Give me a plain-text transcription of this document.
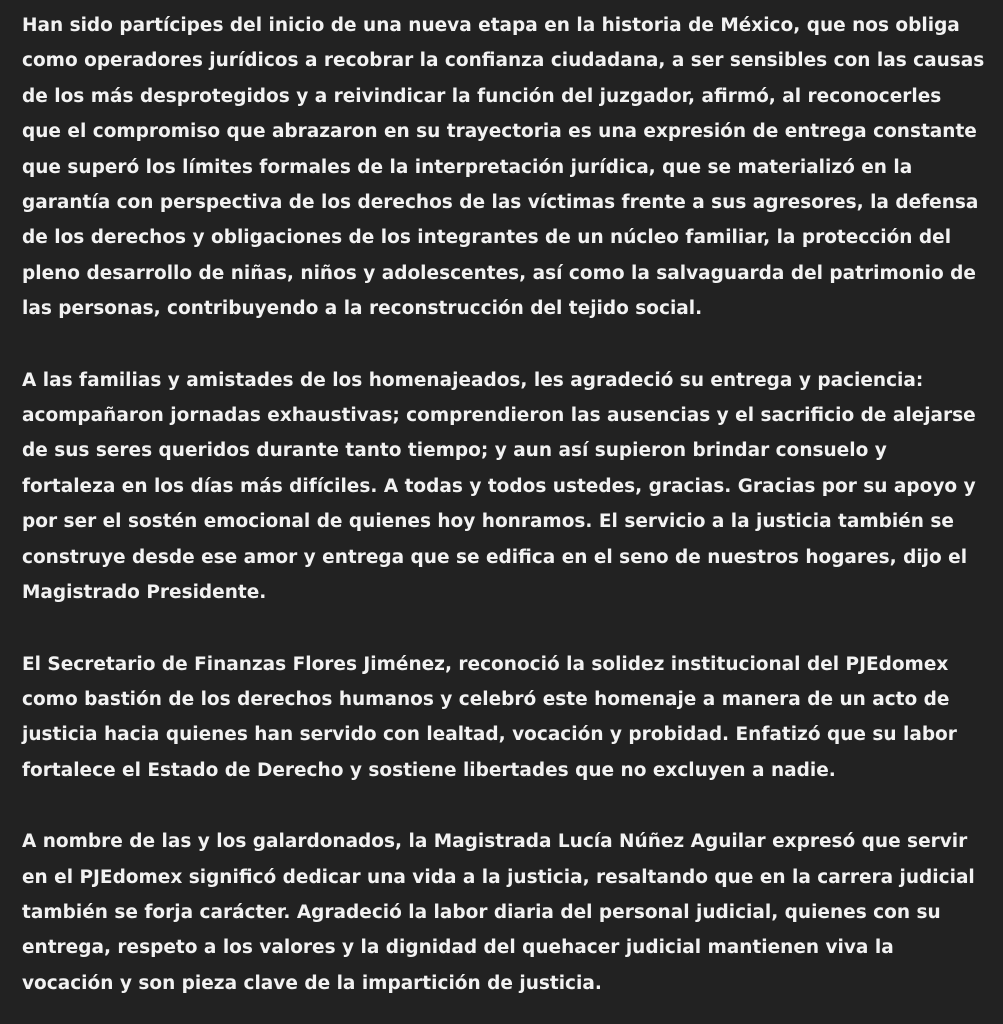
Han sido partícipes del inicio de una nueva etapa en la historia de México, que nos obliga como operadores jurídicos a recobrar la confianza ciudadana, a ser sensibles con las causas de los más desprotegidos y a reivindicar la función del juzgador, afirmó, al reconocerles que el compromiso que abrazaron en su trayectoria es una expresión de entrega constante que superó los límites formales de la interpretación jurídica, que se materializó en la garantía con perspectiva de los derechos de las víctimas frente a sus agresores, la defensa de los derechos y obligaciones de los integrantes de un núcleo familiar, la protección del pleno desarrollo de niñas, niños y adolescentes, así como la salvaguarda del patrimonio de las personas, contribuyendo a la reconstrucción del tejido social.

A las familias y amistades de los homenajeados, les agradeció su entrega y paciencia: acompañaron jornadas exhaustivas; comprendieron las ausencias y el sacrificio de alejarse de sus seres queridos durante tanto tiempo; y aun así supieron brindar consuelo y fortaleza en los días más difíciles. A todas y todos ustedes, gracias. Gracias por su apoyo y por ser el sostén emocional de quienes hoy honramos. El servicio a la justicia también se construye desde ese amor y entrega que se edifica en el seno de nuestros hogares, dijo el Magistrado Presidente.

El Secretario de Finanzas Flores Jiménez, reconoció la solidez institucional del PJEdomex como bastión de los derechos humanos y celebró este homenaje a manera de un acto de justicia hacia quienes han servido con lealtad, vocación y probidad. Enfatizó que su labor fortalece el Estado de Derecho y sostiene libertades que no excluyen a nadie.

A nombre de las y los galardonados, la Magistrada Lucía Núñez Aguilar expresó que servir en el PJEdomex significó dedicar una vida a la justicia, resaltando que en la carrera judicial también se forja carácter. Agradeció la labor diaria del personal judicial, quienes con su entrega, respeto a los valores y la dignidad del quehacer judicial mantienen viva la vocación y son pieza clave de la impartición de justicia.
